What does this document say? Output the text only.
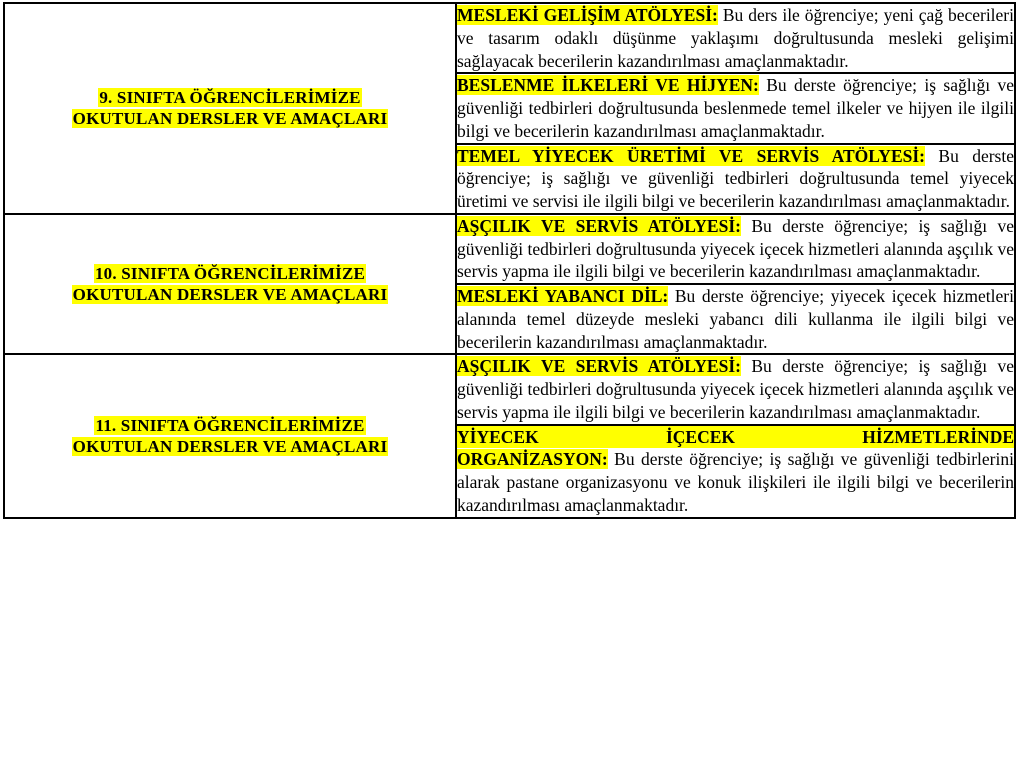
9. SINIFTA ÖĞRENCİLERİMİZE
OKUTULAN DERSLER VE AMAÇLARI	MESLEKİ GELİŞİM ATÖLYESİ: Bu ders ile öğrenciye; yeni çağ becerileri ve tasarım odaklı düşünme yaklaşımı doğrultusunda mesleki gelişimi sağlayacak becerilerin kazandırılması amaçlanmaktadır.

	BESLENME İLKELERİ VE HİJYEN: Bu derste öğrenciye; iş sağlığı ve güvenliği tedbirleri doğrultusunda beslenmede temel ilkeler ve hijyen ile ilgili bilgi ve becerilerin kazandırılması amaçlanmaktadır.

	TEMEL YİYECEK ÜRETİMİ VE SERVİS ATÖLYESİ: Bu derste öğrenciye; iş sağlığı ve güvenliği tedbirleri doğrultusunda temel yiyecek üretimi ve servisi ile ilgili bilgi ve becerilerin kazandırılması amaçlanmaktadır.

10. SINIFTA ÖĞRENCİLERİMİZE
OKUTULAN DERSLER VE AMAÇLARI	AŞÇILIK VE SERVİS ATÖLYESİ: Bu derste öğrenciye; iş sağlığı ve güvenliği tedbirleri doğrultusunda yiyecek içecek hizmetleri alanında aşçılık ve servis yapma ile ilgili bilgi ve becerilerin kazandırılması amaçlanmaktadır.

	MESLEKİ YABANCI DİL: Bu derste öğrenciye; yiyecek içecek hizmetleri alanında temel düzeyde mesleki yabancı dili kullanma ile ilgili bilgi ve becerilerin kazandırılması amaçlanmaktadır.

11. SINIFTA ÖĞRENCİLERİMİZE
OKUTULAN DERSLER VE AMAÇLARI	AŞÇILIK VE SERVİS ATÖLYESİ: Bu derste öğrenciye; iş sağlığı ve güvenliği tedbirleri doğrultusunda yiyecek içecek hizmetleri alanında aşçılık ve servis yapma ile ilgili bilgi ve becerilerin kazandırılması amaçlanmaktadır.

	YİYECEK İÇECEK HİZMETLERİNDE
ORGANİZASYON: Bu derste öğrenciye; iş sağlığı ve güvenliği tedbirlerini alarak pastane organizasyonu ve konuk ilişkileri ile ilgili bilgi ve becerilerin kazandırılması amaçlanmaktadır.
